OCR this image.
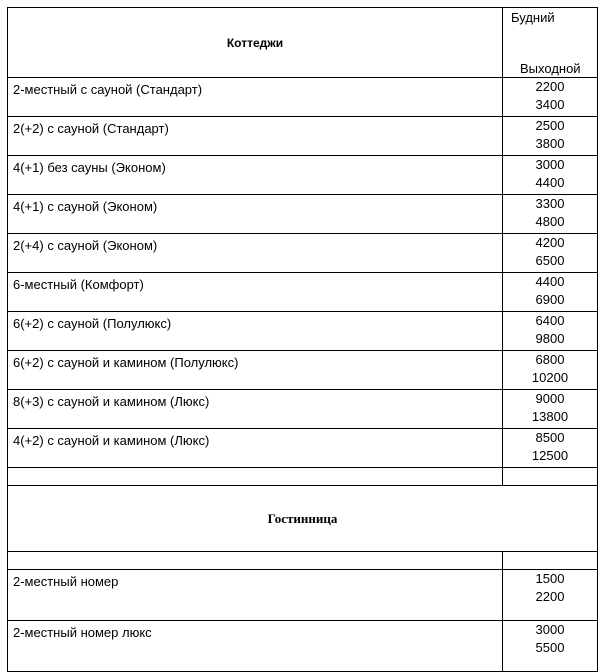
Коттеджи	Будний
Выходной

2-местный с сауной (Стандарт)	2200
3400

2(+2) с сауной (Стандарт)	2500
3800

4(+1) без сауны (Эконом)	3000
4400

4(+1) с сауной (Эконом)	3300
4800

2(+4) с сауной (Эконом)	4200
6500

6-местный (Комфорт)	4400
6900

6(+2) с сауной (Полулюкс)	6400
9800

6(+2) с сауной и камином (Полулюкс)	6800
10200

8(+3) с сауной и камином (Люкс)	9000
13800

4(+2) с сауной и камином (Люкс)	8500
12500

Гостинница	

2-местный номер	1500
2200

2-местный номер люкс	3000
5500
